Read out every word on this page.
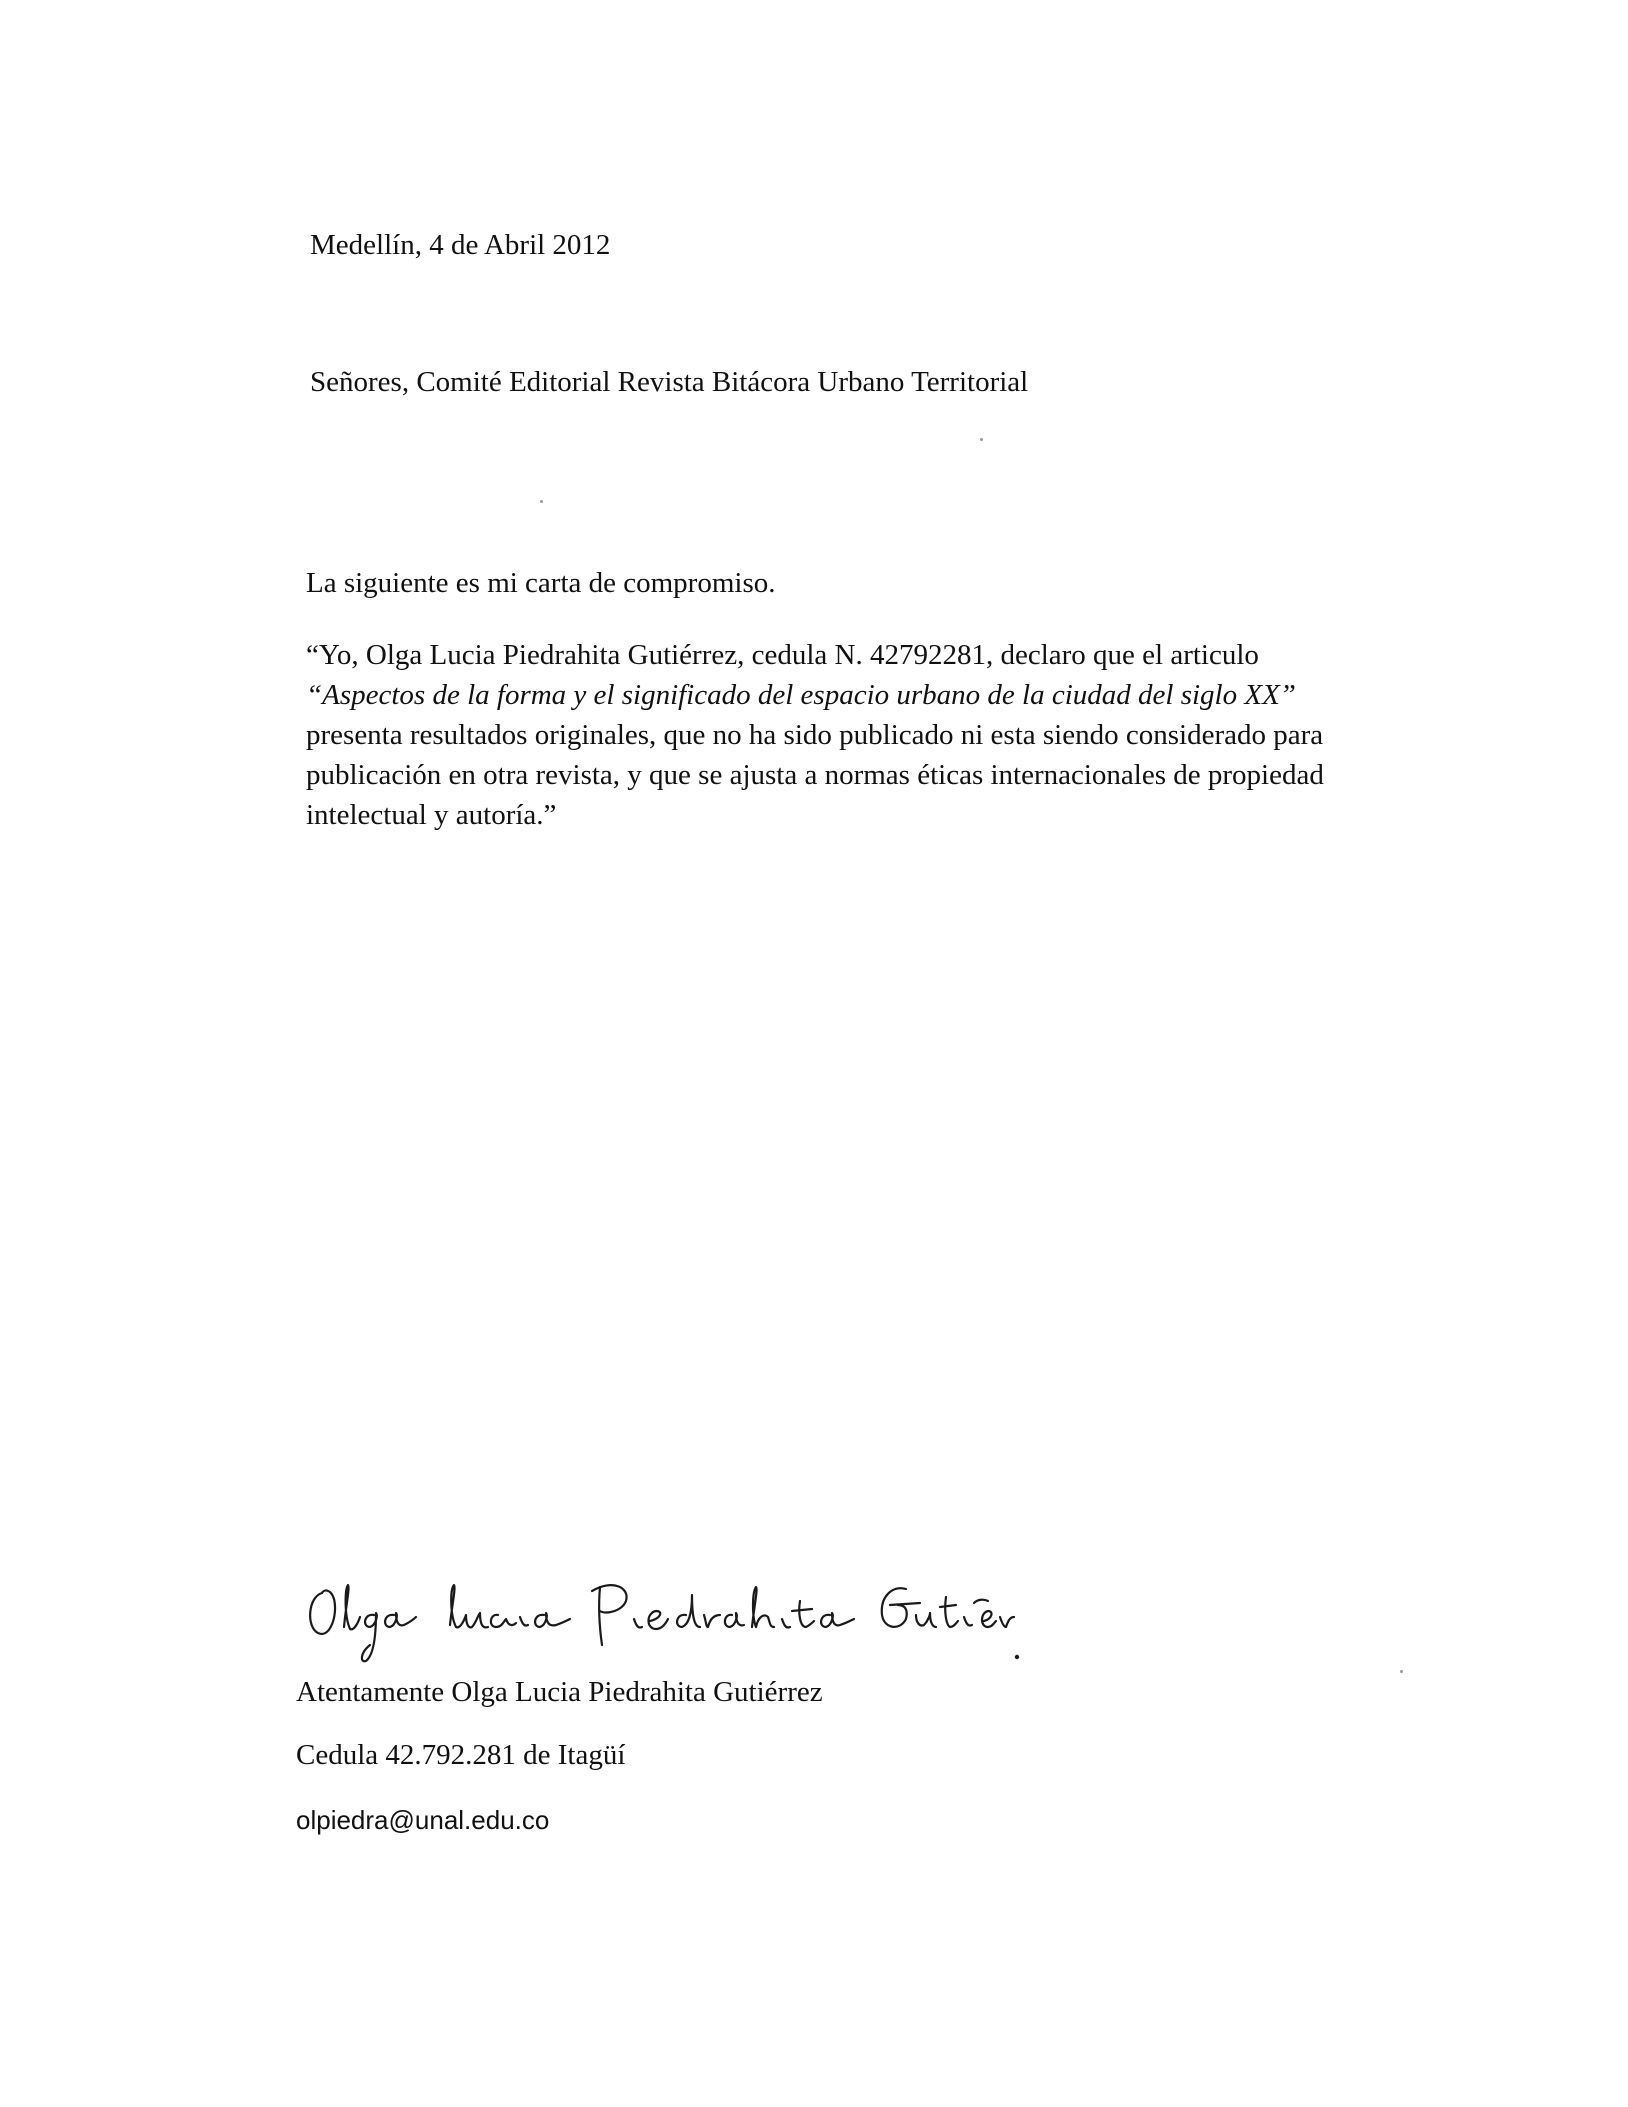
Medellín, 4 de Abril 2012

Señores, Comité Editorial Revista Bitácora Urbano Territorial

La siguiente es mi carta de compromiso.

“Yo, Olga Lucia Piedrahita Gutiérrez, cedula N. 42792281, declaro que el articulo
“Aspectos de la forma y el significado del espacio urbano de la ciudad del siglo XX”
presenta resultados originales, que no ha sido publicado ni esta siendo considerado para
publicación en otra revista, y que se ajusta a normas éticas internacionales de propiedad
intelectual y autoría.”

Atentamente Olga Lucia Piedrahita Gutiérrez

Cedula 42.792.281 de Itagüí

olpiedra@unal.edu.co
